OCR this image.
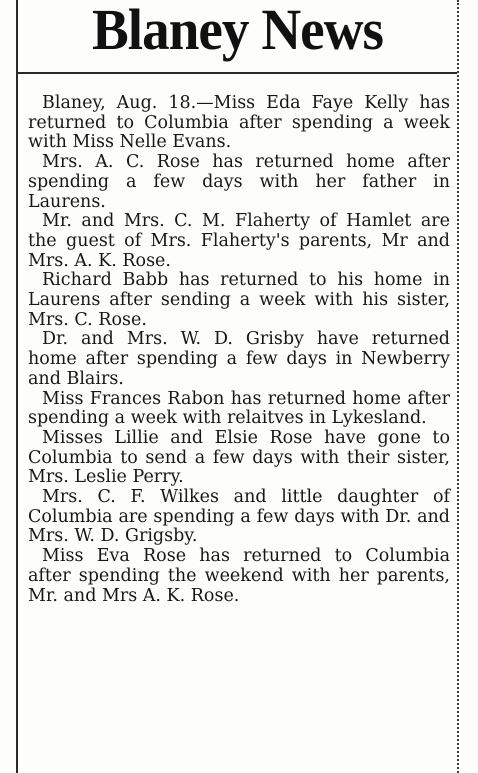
Blaney News

Blaney, Aug. 18.—Miss Eda Faye Kelly has returned to Columbia after spending a week with Miss Nelle Evans.

Mrs. A. C. Rose has returned home after spending a few days with her father in Laurens.

Mr. and Mrs. C. M. Flaherty of Hamlet are the guest of Mrs. Flaherty's parents, Mr and Mrs. A. K. Rose.

Richard Babb has returned to his home in Laurens after sending a week with his sister, Mrs. C. Rose.

Dr. and Mrs. W. D. Grisby have returned home after spending a few days in Newberry and Blairs.

Miss Frances Rabon has returned home after spending a week with relaitves in Lykesland.

Misses Lillie and Elsie Rose have gone to Columbia to send a few days with their sister, Mrs. Leslie Perry.

Mrs. C. F. Wilkes and little daughter of Columbia are spending a few days with Dr. and Mrs. W. D. Grigsby.

Miss Eva Rose has returned to Columbia after spending the weekend with her parents, Mr. and Mrs A. K. Rose.
